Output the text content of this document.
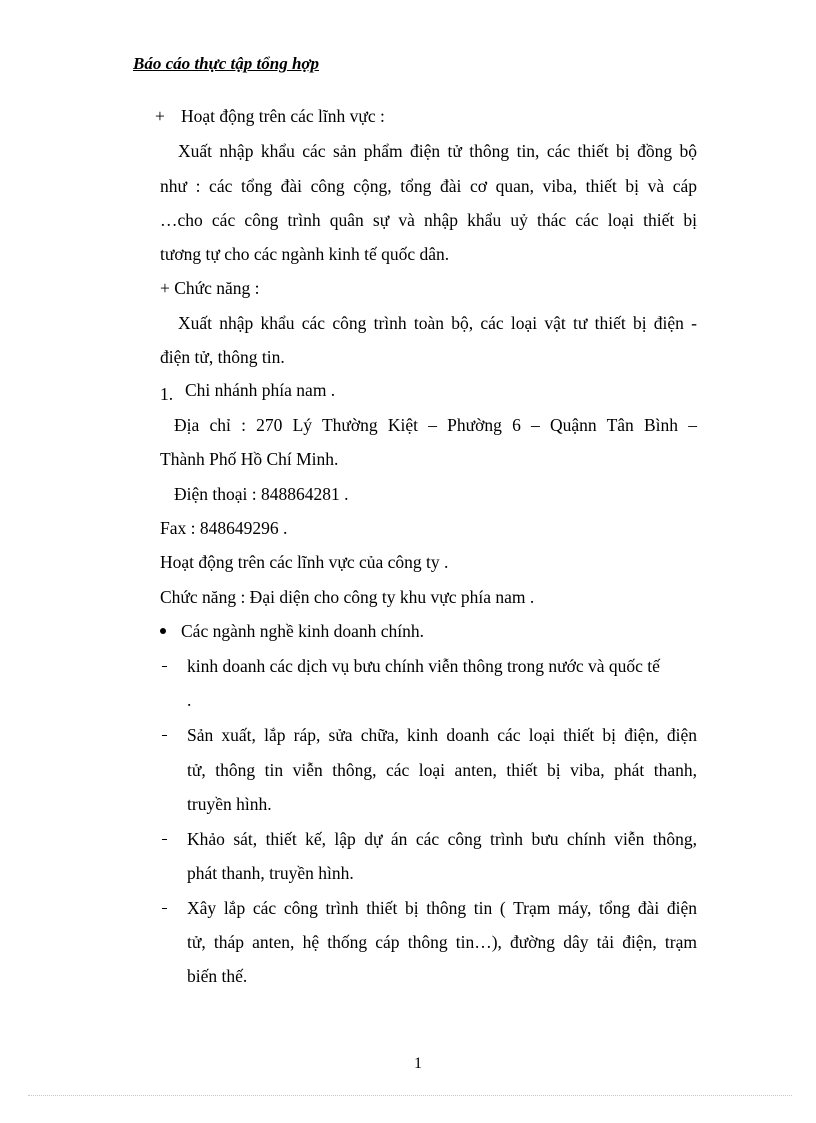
Báo cáo thực tập tổng hợp
+ Hoạt động trên các lĩnh vực :
Xuất nhập khẩu các sản phẩm điện tử thông tin, các thiết bị đồng bộ
như : các tổng đài công cộng, tổng đài cơ quan, viba, thiết bị và cáp
…cho các công trình quân sự và nhập khẩu uỷ thác các loại thiết bị
tương tự cho các ngành kinh tế quốc dân.
+ Chức năng :
Xuất nhập khẩu các công trình toàn bộ, các loại vật tư thiết bị điện -
điện tử, thông tin.
1. Chi nhánh phía nam .
Địa chỉ : 270 Lý Thường Kiệt – Phường 6 – Quậnn Tân Bình –
Thành Phố Hồ Chí Minh.
Điện thoại : 848864281 .
Fax : 848649296 .
Hoạt động trên các lĩnh vực của công ty .
Chức năng : Đại diện cho công ty khu vực phía nam .
Các ngành nghề kinh doanh chính.
kinh doanh các dịch vụ bưu chính viễn thông trong nước và quốc tế
.
Sản xuất, lắp ráp, sửa chữa, kinh doanh các loại thiết bị điện, điện
tử, thông tin viễn thông, các loại anten, thiết bị viba, phát thanh,
truyền hình.
Khảo sát, thiết kế, lập dự án các công trình bưu chính viễn thông,
phát thanh, truyền hình.
Xây lắp các công trình thiết bị thông tin ( Trạm máy, tổng đài điện
tử, tháp anten, hệ thống cáp thông tin…), đường dây tải điện, trạm
biến thế.
1
